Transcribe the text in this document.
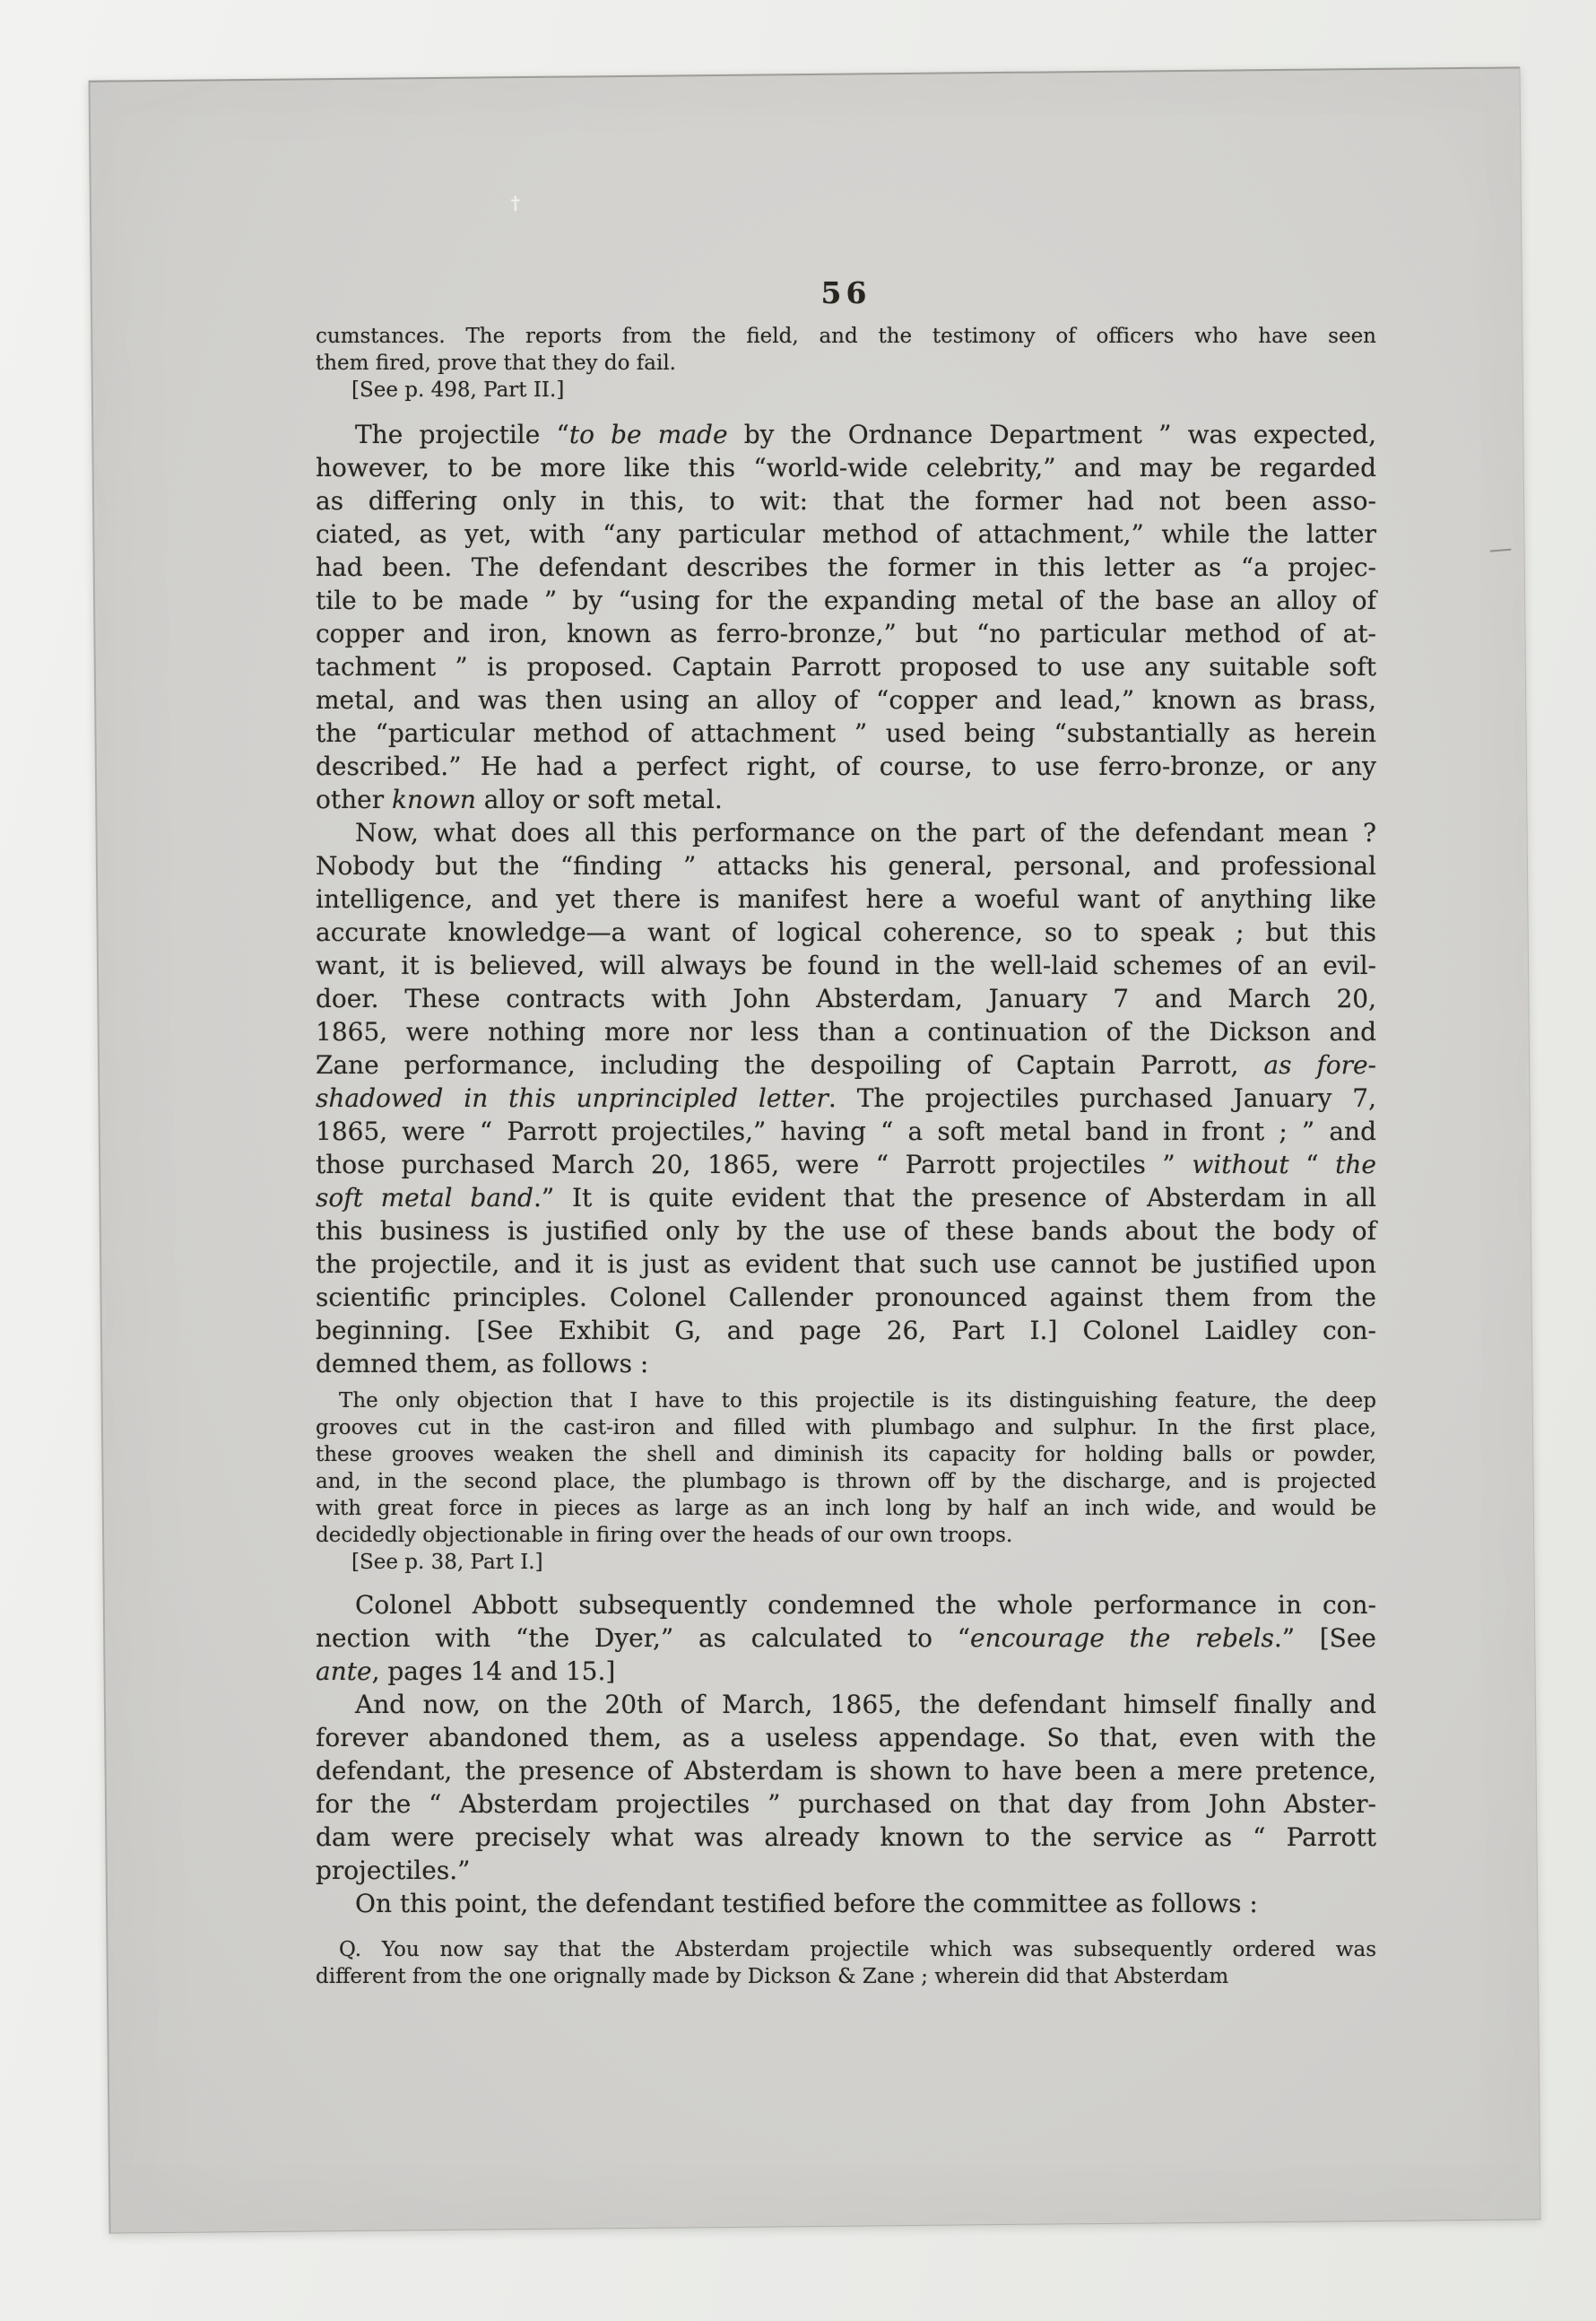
†
56
cumstances. The reports from the field, and the testimony of officers who have seen
them fired, prove that they do fail.
[See p. 498, Part II.]
The projectile “to be made by the Ordnance Department ” was expected,
however, to be more like this “world-wide celebrity,” and may be regarded
as differing only in this, to wit: that the former had not been asso-
ciated, as yet, with “any particular method of attachment,” while the latter
had been. The defendant describes the former in this letter as “a projec-
tile to be made ” by “using for the expanding metal of the base an alloy of
copper and iron, known as ferro-bronze,” but “no particular method of at-
tachment ” is proposed. Captain Parrott proposed to use any suitable soft
metal, and was then using an alloy of “copper and lead,” known as brass,
the “particular method of attachment ” used being “substantially as herein
described.” He had a perfect right, of course, to use ferro-bronze, or any
other known alloy or soft metal.
Now, what does all this performance on the part of the defendant mean ?
Nobody but the “finding ” attacks his general, personal, and professional
intelligence, and yet there is manifest here a woeful want of anything like
accurate knowledge—a want of logical coherence, so to speak ; but this
want, it is believed, will always be found in the well-laid schemes of an evil-
doer. These contracts with John Absterdam, January 7 and March 20,
1865, were nothing more nor less than a continuation of the Dickson and
Zane performance, including the despoiling of Captain Parrott, as fore-
shadowed in this unprincipled letter. The projectiles purchased January 7,
1865, were “ Parrott projectiles,” having “ a soft metal band in front ; ” and
those purchased March 20, 1865, were “ Parrott projectiles ” without “ the
soft metal band.” It is quite evident that the presence of Absterdam in all
this business is justified only by the use of these bands about the body of
the projectile, and it is just as evident that such use cannot be justified upon
scientific principles. Colonel Callender pronounced against them from the
beginning. [See Exhibit G, and page 26, Part I.] Colonel Laidley con-
demned them, as follows :
The only objection that I have to this projectile is its distinguishing feature, the deep
grooves cut in the cast-iron and filled with plumbago and sulphur. In the first place,
these grooves weaken the shell and diminish its capacity for holding balls or powder,
and, in the second place, the plumbago is thrown off by the discharge, and is projected
with great force in pieces as large as an inch long by half an inch wide, and would be
decidedly objectionable in firing over the heads of our own troops.
[See p. 38, Part I.]
Colonel Abbott subsequently condemned the whole performance in con-
nection with “the Dyer,” as calculated to “encourage the rebels.” [See
ante, pages 14 and 15.]
And now, on the 20th of March, 1865, the defendant himself finally and
forever abandoned them, as a useless appendage. So that, even with the
defendant, the presence of Absterdam is shown to have been a mere pretence,
for the “ Absterdam projectiles ” purchased on that day from John Abster-
dam were precisely what was already known to the service as “ Parrott
projectiles.”
On this point, the defendant testified before the committee as follows :
Q. You now say that the Absterdam projectile which was subsequently ordered was
different from the one orignally made by Dickson & Zane ; wherein did that Absterdam
